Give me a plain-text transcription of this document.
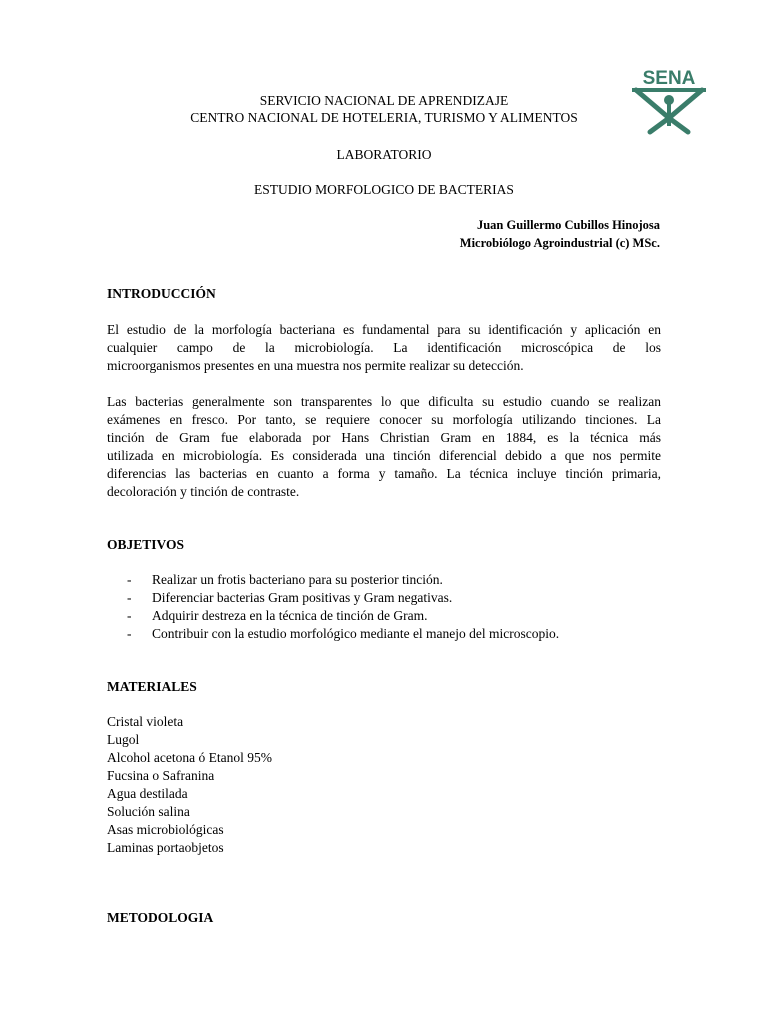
SENA
SERVICIO NACIONAL DE APRENDIZAJE
CENTRO NACIONAL DE HOTELERIA, TURISMO Y ALIMENTOS
LABORATORIO
ESTUDIO MORFOLOGICO DE BACTERIAS
Juan Guillermo Cubillos Hinojosa
Microbiólogo Agroindustrial (c) MSc.
INTRODUCCIÓN
El estudio de la morfología bacteriana es fundamental para su identificación y aplicación en
cualquier campo de la microbiología. La identificación microscópica de los
microorganismos presentes en una muestra nos permite realizar su detección.
Las bacterias generalmente son transparentes lo que dificulta su estudio cuando se realizan
exámenes en fresco. Por tanto, se requiere conocer su morfología utilizando tinciones. La
tinción de Gram fue elaborada por Hans Christian Gram en 1884, es la técnica más
utilizada en microbiología. Es considerada una tinción diferencial debido a que nos permite
diferencias las bacterias en cuanto a forma y tamaño. La técnica incluye tinción primaria,
decoloración y tinción de contraste.
OBJETIVOS
- Realizar un frotis bacteriano para su posterior tinción.
- Diferenciar bacterias Gram positivas y Gram negativas.
- Adquirir destreza en la técnica de tinción de Gram.
- Contribuir con la estudio morfológico mediante el manejo del microscopio.
MATERIALES
Cristal violeta
Lugol
Alcohol acetona ó Etanol 95%
Fucsina o Safranina
Agua destilada
Solución salina
Asas microbiológicas
Laminas portaobjetos
METODOLOGIA
